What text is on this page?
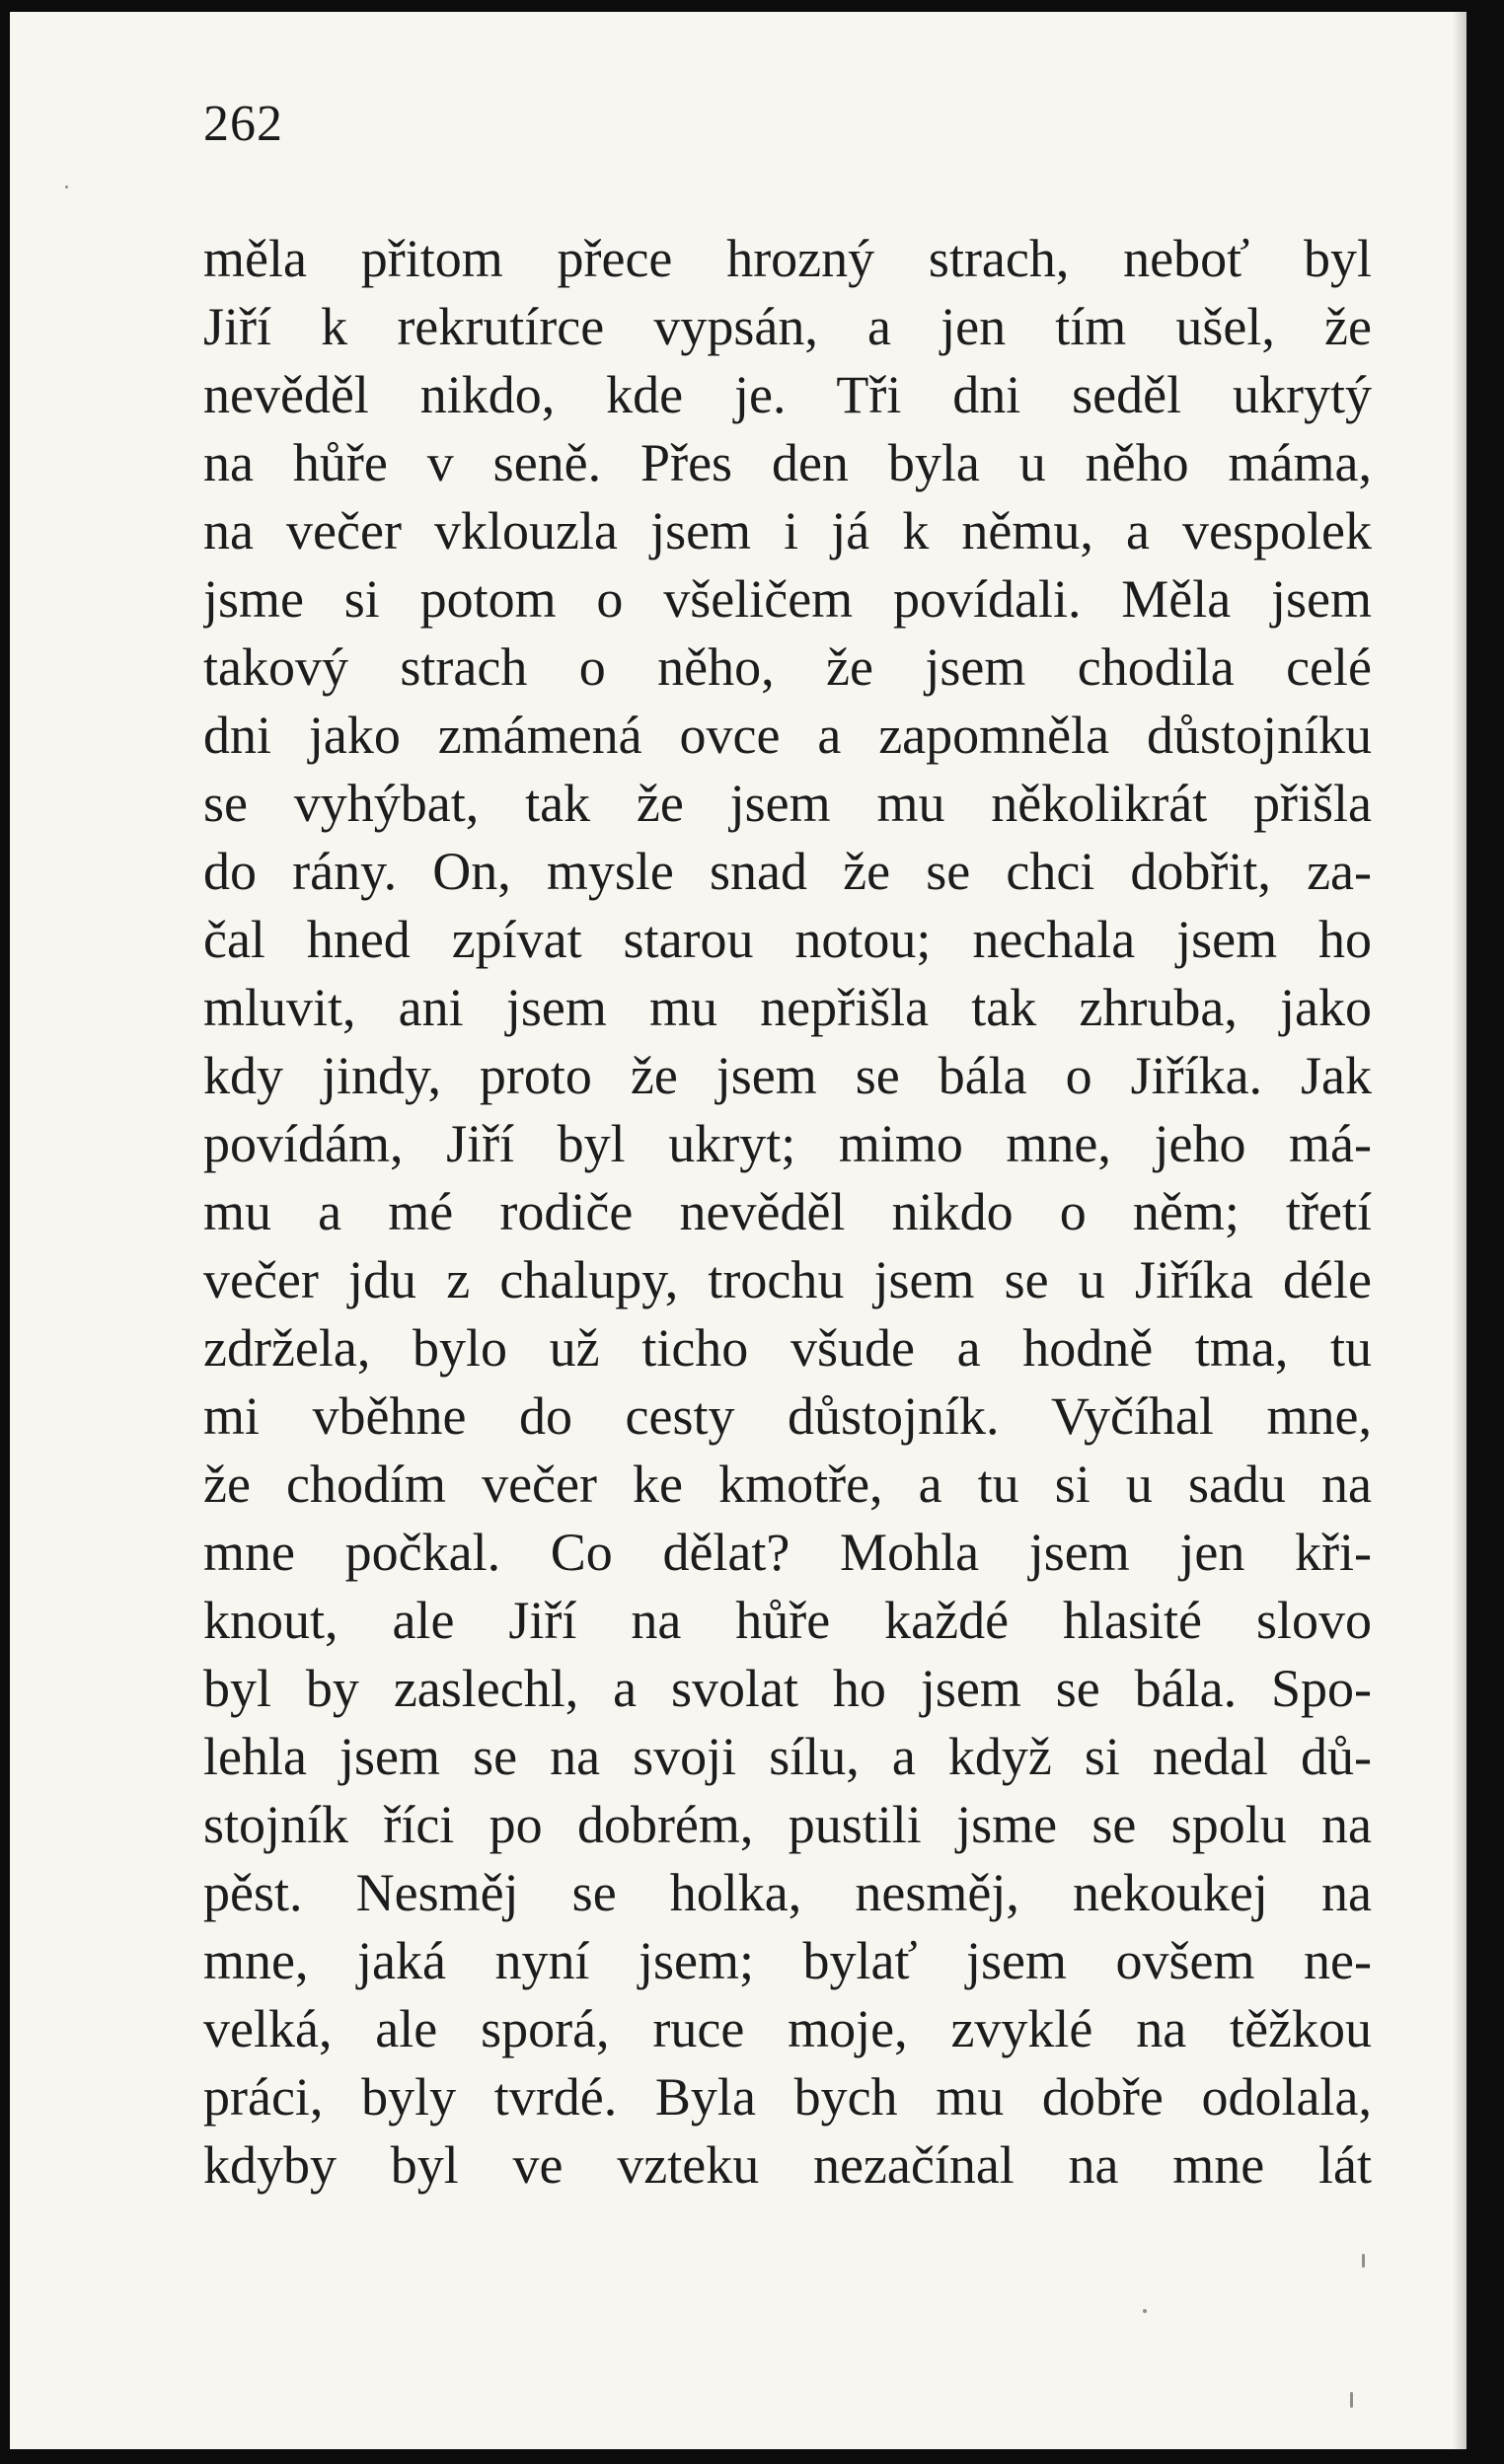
262
měla přitom přece hrozný strach, neboť byl
Jiří k rekrutírce vypsán, a jen tím ušel, že
nevěděl nikdo, kde je. Tři dni seděl ukrytý
na hůře v seně. Přes den byla u něho máma,
na večer vklouzla jsem i já k němu, a vespolek
jsme si potom o všeličem povídali. Měla jsem
takový strach o něho, že jsem chodila celé
dni jako zmámená ovce a zapomněla důstojníku
se vyhýbat, tak že jsem mu několikrát přišla
do rány. On, mysle snad že se chci dobřit, za-
čal hned zpívat starou notou; nechala jsem ho
mluvit, ani jsem mu nepřišla tak zhruba, jako
kdy jindy, proto že jsem se bála o Jiříka. Jak
povídám, Jiří byl ukryt; mimo mne, jeho má-
mu a mé rodiče nevěděl nikdo o něm; třetí
večer jdu z chalupy, trochu jsem se u Jiříka déle
zdržela, bylo už ticho všude a hodně tma, tu
mi vběhne do cesty důstojník. Vyčíhal mne,
že chodím večer ke kmotře, a tu si u sadu na
mne počkal. Co dělat? Mohla jsem jen kři-
knout, ale Jiří na hůře každé hlasité slovo
byl by zaslechl, a svolat ho jsem se bála. Spo-
lehla jsem se na svoji sílu, a když si nedal dů-
stojník říci po dobrém, pustili jsme se spolu na
pěst. Nesměj se holka, nesměj, nekoukej na
mne, jaká nyní jsem; bylať jsem ovšem ne-
velká, ale sporá, ruce moje, zvyklé na těžkou
práci, byly tvrdé. Byla bych mu dobře odolala,
kdyby byl ve vzteku nezačínal na mne lát
